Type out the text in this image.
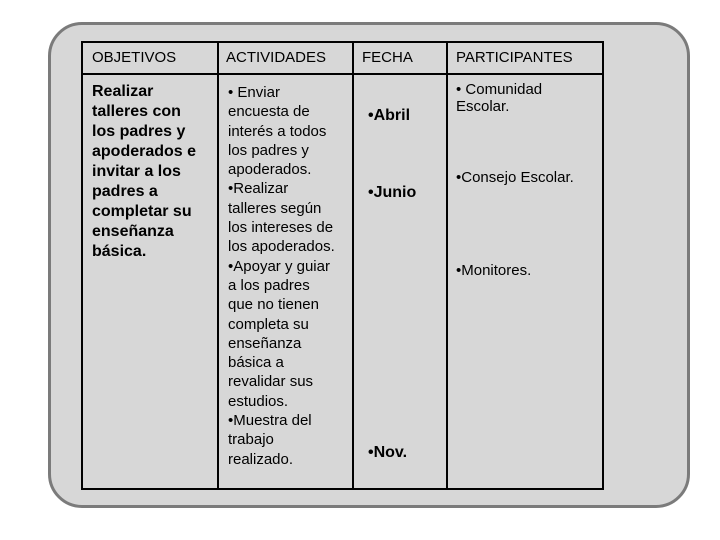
OBJETIVOS	ACTIVIDADES FECHA	PARTICIPANTES
Realizar
talleres con
los padres y
apoderados e
invitar a los
padres a
completar su
enseñanza
básica.
• Enviar
encuesta de
interés a todos
los padres y
apoderados.
•Realizar
talleres según
los intereses de
los apoderados.
•Apoyar y guiar
a los padres
que no tienen
completa su
enseñanza
básica a
revalidar sus
estudios.
•Muestra del
trabajo
realizado.
•Abril
•Junio
•Nov.
• Comunidad
Escolar.
•Consejo Escolar.
•Monitores.
